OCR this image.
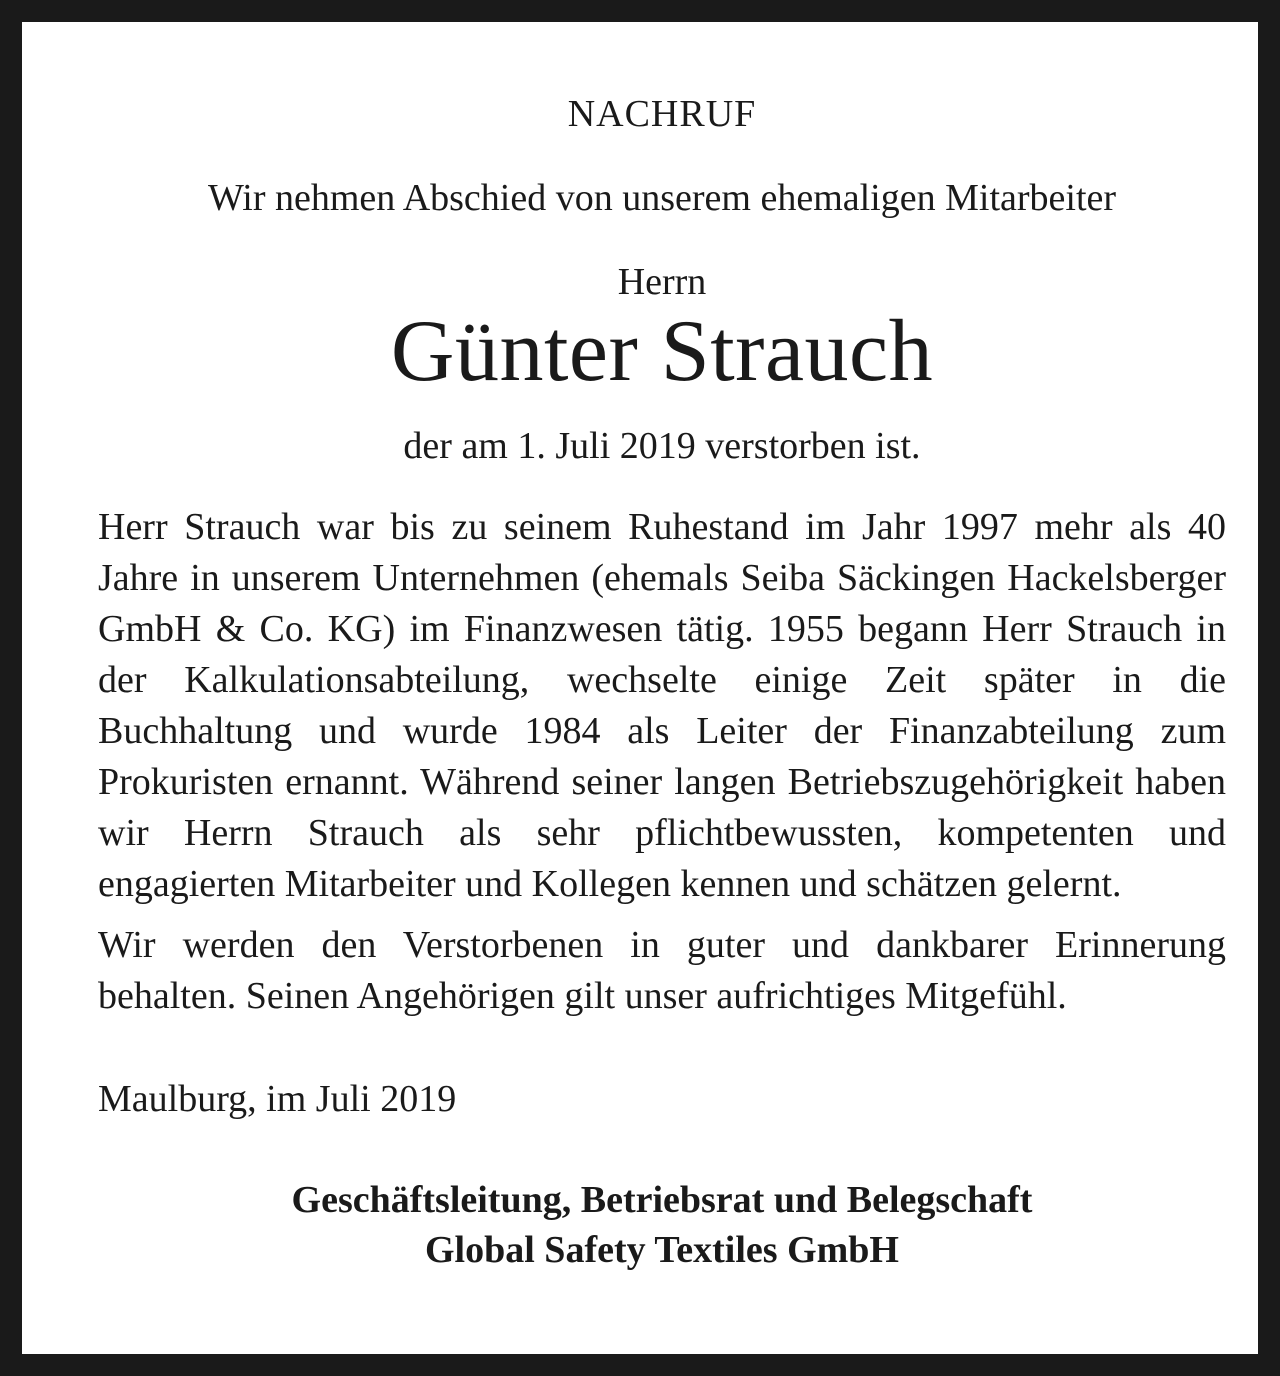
NACHRUF
Wir nehmen Abschied von unserem ehemaligen Mitarbeiter
Herrn
Günter Strauch
der am 1. Juli 2019 verstorben ist.
Herr Strauch war bis zu seinem Ruhestand im Jahr 1997 mehr als 40 Jahre in unserem Unternehmen (ehemals Seiba Säckingen Hackelsberger GmbH & Co. KG) im Finanzwesen tätig. 1955 begann Herr Strauch in der Kalkulationsabteilung, wechselte einige Zeit später in die Buchhaltung und wurde 1984 als Leiter der Finanzabteilung zum Prokuristen ernannt. Während seiner langen Betriebszugehörigkeit haben wir Herrn Strauch als sehr pflichtbewussten, kompetenten und engagierten Mitarbeiter und Kollegen kennen und schätzen gelernt.
Wir werden den Verstorbenen in guter und dankbarer Erinnerung behalten. Seinen Angehörigen gilt unser aufrichtiges Mitgefühl.
Maulburg, im Juli 2019
Geschäftsleitung, Betriebsrat und Belegschaft
Global Safety Textiles GmbH
